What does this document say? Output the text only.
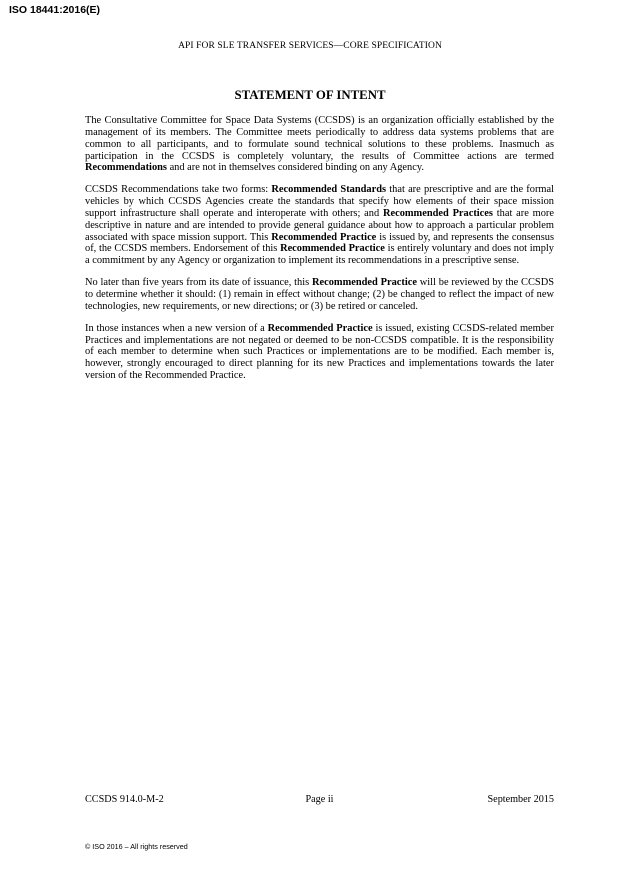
ISO 18441:2016(E)
API FOR SLE TRANSFER SERVICES—CORE SPECIFICATION
STATEMENT OF INTENT

The Consultative Committee for Space Data Systems (CCSDS) is an organization officially established by the management of its members. The Committee meets periodically to address data systems problems that are common to all participants, and to formulate sound technical solutions to these problems. Inasmuch as participation in the CCSDS is completely voluntary, the results of Committee actions are termed Recommendations and are not in themselves considered binding on any Agency.

CCSDS Recommendations take two forms: Recommended Standards that are prescriptive and are the formal vehicles by which CCSDS Agencies create the standards that specify how elements of their space mission support infrastructure shall operate and interoperate with others; and Recommended Practices that are more descriptive in nature and are intended to provide general guidance about how to approach a particular problem associated with space mission support. This Recommended Practice is issued by, and represents the consensus of, the CCSDS members. Endorsement of this Recommended Practice is entirely voluntary and does not imply a commitment by any Agency or organization to implement its recommendations in a prescriptive sense.

No later than five years from its date of issuance, this Recommended Practice will be reviewed by the CCSDS to determine whether it should: (1) remain in effect without change; (2) be changed to reflect the impact of new technologies, new requirements, or new directions; or (3) be retired or canceled.

In those instances when a new version of a Recommended Practice is issued, existing CCSDS-related member Practices and implementations are not negated or deemed to be non-CCSDS compatible. It is the responsibility of each member to determine when such Practices or implementations are to be modified. Each member is, however, strongly encouraged to direct planning for its new Practices and implementations towards the later version of the Recommended Practice.

CCSDS 914.0-M-2	Page ii	September 2015
© ISO 2016 – All rights reserved
